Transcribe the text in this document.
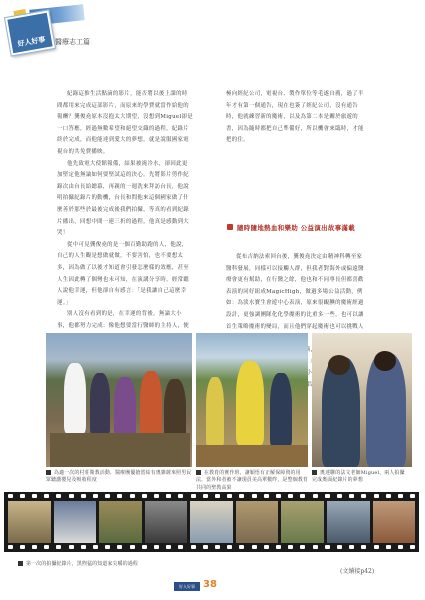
好人好事 醫療志工篇

紀錄這推生活點滴的影片，能否將以後上課的時間都用來完成這部影片，而原來的學費就當作給他的報酬？龔俊堯原本沒抱太大期望，沒想到Miguel卻是一口答應，經過無數希望和絕望交織的過程，紀錄片終於完成，而他能達到愛大的夢想，就是說服國家電視台的共免費播映。

他先致電大使館報備，結果被澆冷水，卻因此更加堅定他無論如何要堅試這的決心。先將影片剪作紀錄次由台長給總幕，再親的一週洗來拜訪台長，他說明拍攝紀錄片的動機，台長和問他來這個國家做了什麼善於那些於最後完成後我們拍攝，等真的看到紀錄片播出，回想中間一連三折的過程，他真是感動到大哭！

從中可見龔俊堯的是一個百勤助跑的人，他說，自己的人生觀是想做就做，不要害怕，也不要想太多，因為做了以後才知道會引發怎麼樣的效應，甚至人生因此轉了個彎也未可知，在演講分享時，經常聽人說他幸運，但他卻自有感言：「是我讓自己這麼幸運。」

別人沒有看到的是，在幸運的背後，無論大小事，他都努力完成：像他想要當行醫師的主持人，便

極向經紀公司，電視台、製作單位等毛遂自薦，過了半年才有第一個通告，現在也簽了經紀公司，沒有通告時，他就練習新的魔術，以及為第二本是關於旅遊的書，因為隨時都把自己準備好，所以機會來臨時，才能把的住。

隨時隨地熱血和樂助 公益演出故事滿載

從布吉納法索回台後，龔俊堯決定由精神科轉至家醫科發展，同樣可以接觸人群，但我者對海外或偏遠醫療會更有幫助，在行醫之餘，他也和不同專長但都喜歡表演的同好組成MagicHigh，做過多場公益活動，例如：為淡水寶生會遊中心表演，原來很靦腆的魔術經過設計，更強調團隊化化學魔術的比重多一些，也可以讓首生策略魔術的變局，而且他們穿起魔術也可以挑戰人

為適一次的村莊衛教活動，醫療團優搶當結有奧雜薩來照男民眾聽講嬰兒及吸收程度
在教育的實作班，讓穎悟有正解保障資的用法，當外和者被不讓現員美高單數昨，是整個教育共同的聖教高果
奧達聯的法文老師Miguel，兩人拍攝完成奧面紀錄片的夢想
第一次的拍攝紀錄片，黑煦猛的知道家尖嚼的過程
(文續接p42)
好人好事 38
